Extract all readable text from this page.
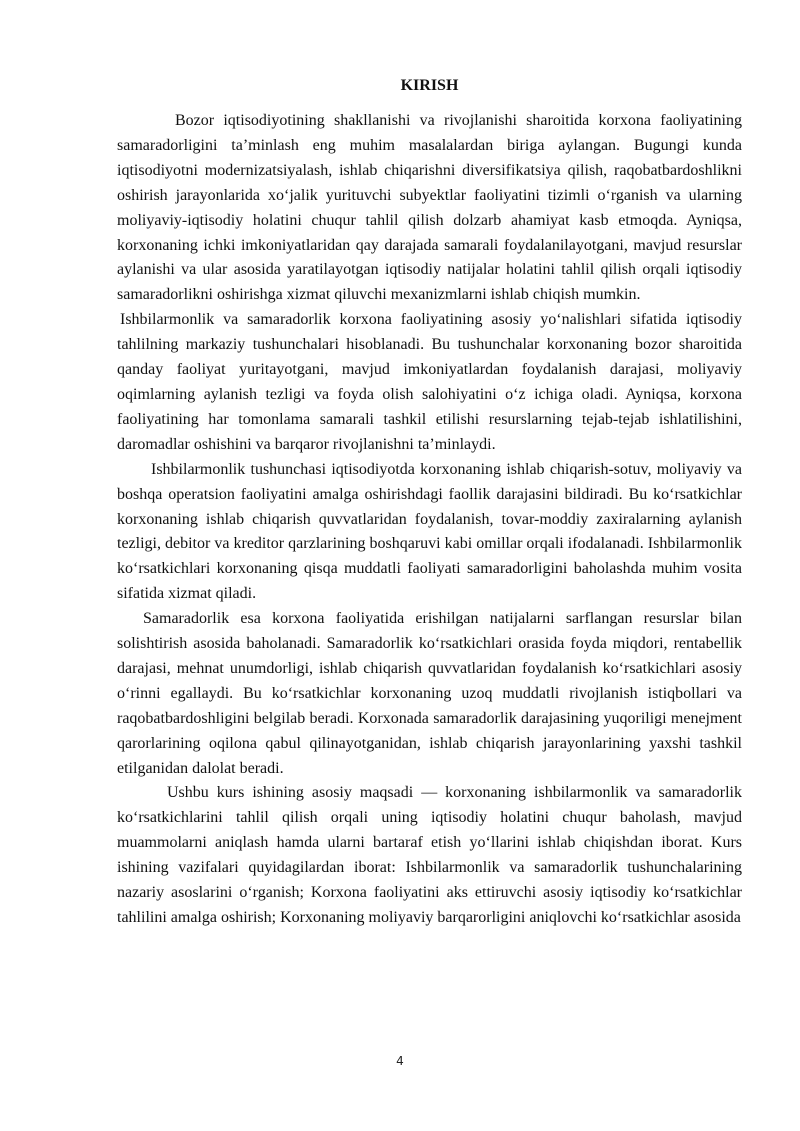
KIRISH

Bozor iqtisodiyotining shakllanishi va rivojlanishi sharoitida korxona faoliyatining samaradorligini ta’minlash eng muhim masalalardan biriga aylangan. Bugungi kunda iqtisodiyotni modernizatsiyalash, ishlab chiqarishni diversifikatsiya qilish, raqobatbardoshlikni oshirish jarayonlarida xo‘jalik yurituvchi subyektlar faoliyatini tizimli o‘rganish va ularning moliyaviy-iqtisodiy holatini chuqur tahlil qilish dolzarb ahamiyat kasb etmoqda. Ayniqsa, korxonaning ichki imkoniyatlaridan qay darajada samarali foydalanilayotgani, mavjud resurslar aylanishi va ular asosida yaratilayotgan iqtisodiy natijalar holatini tahlil qilish orqali iqtisodiy samaradorlikni oshirishga xizmat qiluvchi mexanizmlarni ishlab chiqish mumkin.

Ishbilarmonlik va samaradorlik korxona faoliyatining asosiy yo‘nalishlari sifatida iqtisodiy tahlilning markaziy tushunchalari hisoblanadi. Bu tushunchalar korxonaning bozor sharoitida qanday faoliyat yuritayotgani, mavjud imkoniyatlardan foydalanish darajasi, moliyaviy oqimlarning aylanish tezligi va foyda olish salohiyatini o‘z ichiga oladi. Ayniqsa, korxona faoliyatining har tomonlama samarali tashkil etilishi resurslarning tejab-tejab ishlatilishini, daromadlar oshishini va barqaror rivojlanishni ta’minlaydi.

Ishbilarmonlik tushunchasi iqtisodiyotda korxonaning ishlab chiqarish-sotuv, moliyaviy va boshqa operatsion faoliyatini amalga oshirishdagi faollik darajasini bildiradi. Bu ko‘rsatkichlar korxonaning ishlab chiqarish quvvatlaridan foydalanish, tovar-moddiy zaxiralarning aylanish tezligi, debitor va kreditor qarzlarining boshqaruvi kabi omillar orqali ifodalanadi. Ishbilarmonlik ko‘rsatkichlari korxonaning qisqa muddatli faoliyati samaradorligini baholashda muhim vosita sifatida xizmat qiladi.

Samaradorlik esa korxona faoliyatida erishilgan natijalarni sarflangan resurslar bilan solishtirish asosida baholanadi. Samaradorlik ko‘rsatkichlari orasida foyda miqdori, rentabellik darajasi, mehnat unumdorligi, ishlab chiqarish quvvatlaridan foydalanish ko‘rsatkichlari asosiy o‘rinni egallaydi. Bu ko‘rsatkichlar korxonaning uzoq muddatli rivojlanish istiqbollari va raqobatbardoshligini belgilab beradi. Korxonada samaradorlik darajasining yuqoriligi menejment qarorlarining oqilona qabul qilinayotganidan, ishlab chiqarish jarayonlarining yaxshi tashkil etilganidan dalolat beradi.

Ushbu kurs ishining asosiy maqsadi — korxonaning ishbilarmonlik va samaradorlik ko‘rsatkichlarini tahlil qilish orqali uning iqtisodiy holatini chuqur baholash, mavjud muammolarni aniqlash hamda ularni bartaraf etish yo‘llarini ishlab chiqishdan iborat. Kurs ishining vazifalari quyidagilardan iborat: Ishbilarmonlik va samaradorlik tushunchalarining nazariy asoslarini o‘rganish; Korxona faoliyatini aks ettiruvchi asosiy iqtisodiy ko‘rsatkichlar tahlilini amalga oshirish; Korxonaning moliyaviy barqarorligini aniqlovchi ko‘rsatkichlar asosida

4
